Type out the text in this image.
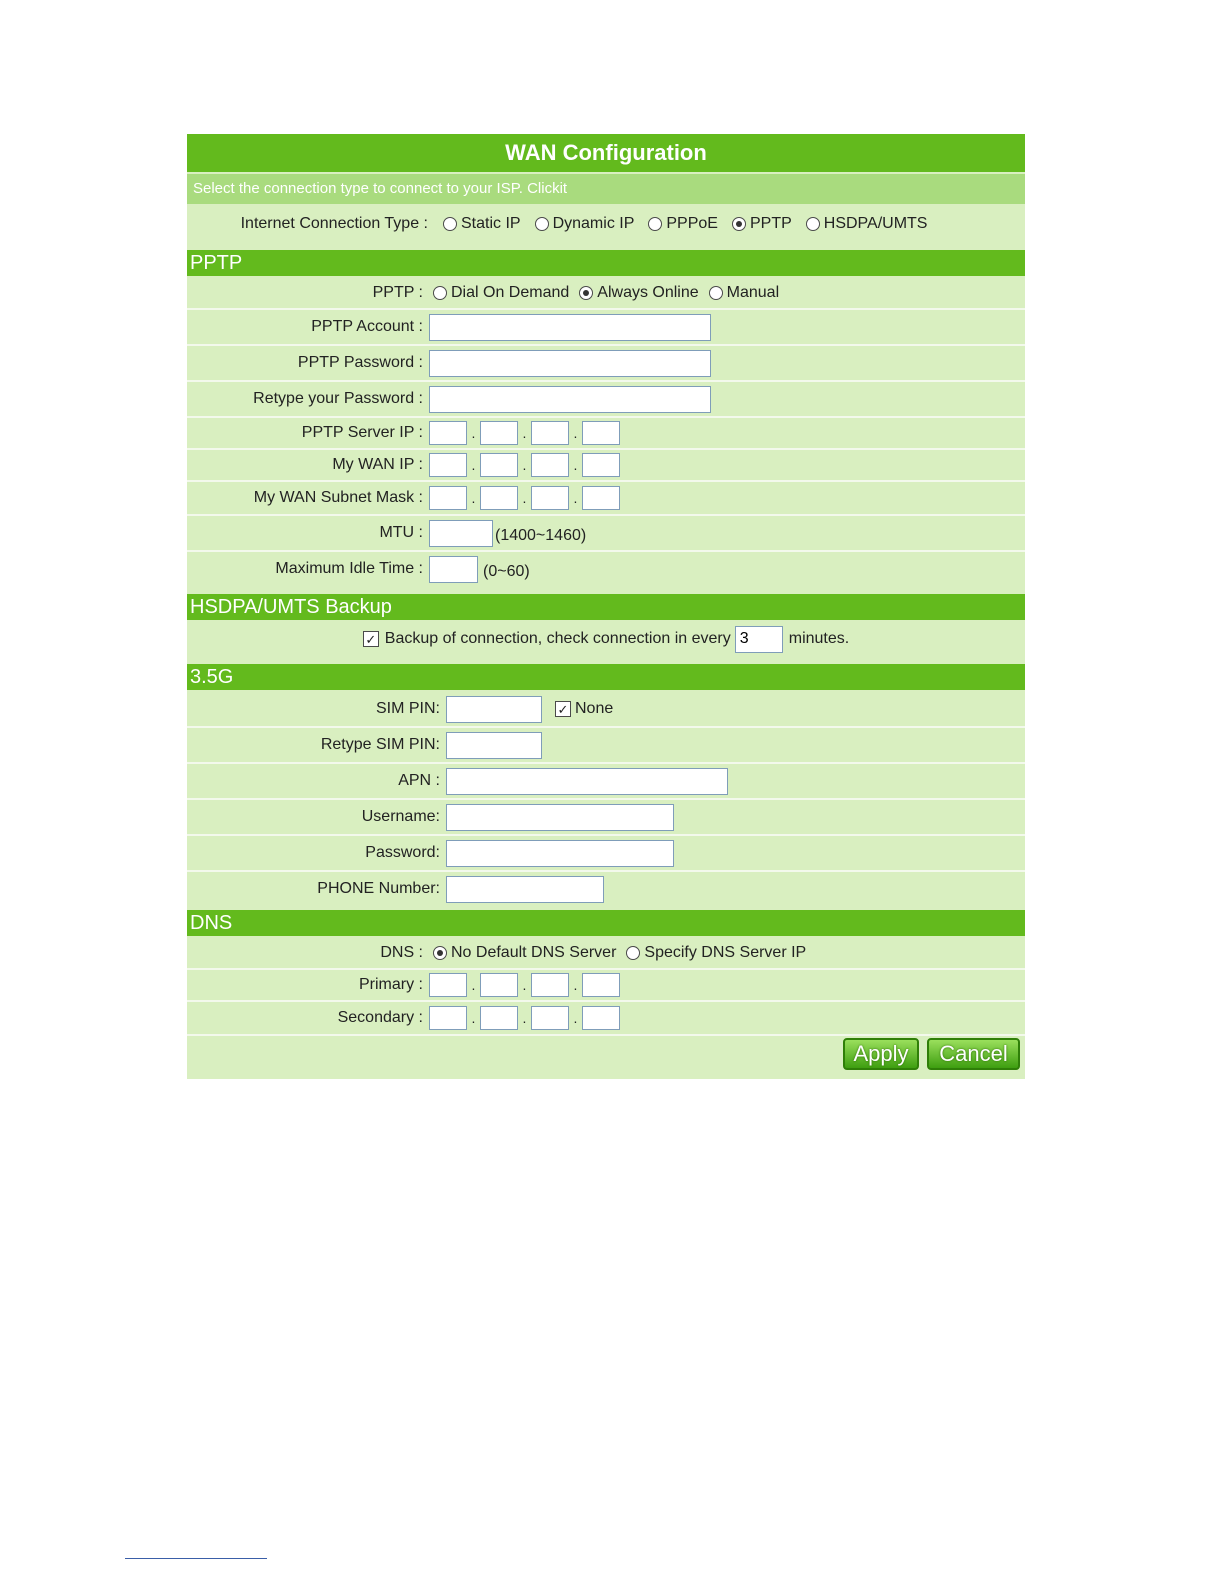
WAN Configuration
Select the connection type to connect to your ISP. Clickit
Internet Connection Type : Static IP Dynamic IP PPPoE PPTP HSDPA/UMTS
PPTP
PPTP : Dial On Demand Always Online Manual
PPTP Account :
PPTP Password :
Retype your Password :
PPTP Server IP :	.	.	.
My WAN IP :	.	.	.
My WAN Subnet Mask :	.	.	.
MTU :	(1400~1460)
Maximum Idle Time :	(0~60)
HSDPA/UMTS Backup
✓ Backup of connection, check connection in every
3	minutes.
3.5G
SIM PIN:	✓ None
Retype SIM PIN:
APN :
Username:
Password:
PHONE Number:
DNS
DNS : No Default DNS Server Specify DNS Server IP
Primary :	.	.	.
Secondary :	.	.	.
Apply	Cancel
